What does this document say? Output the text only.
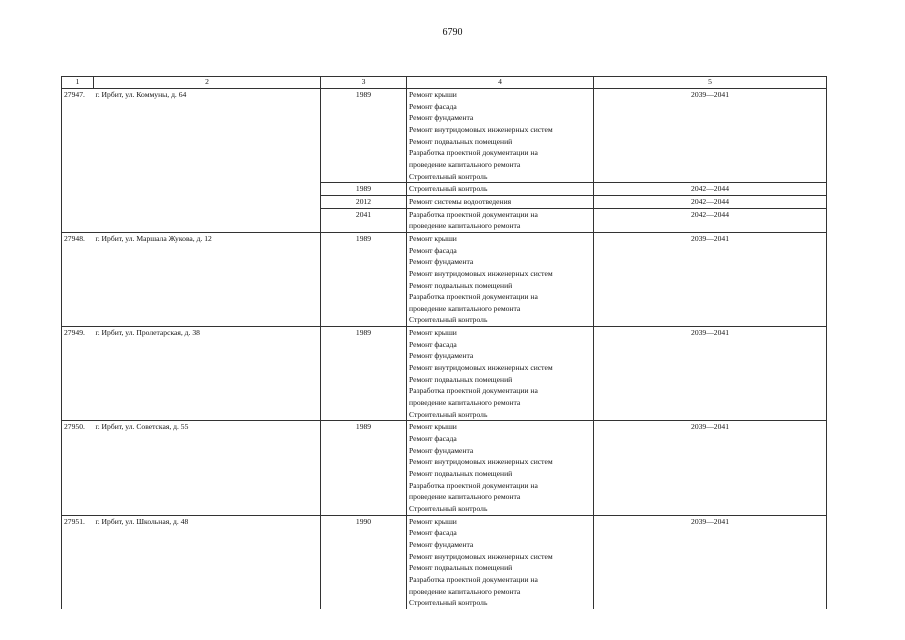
6790
1	2	3	4	5
27947.	г. Ирбит, ул. Коммуны, д. 64	1989	Ремонт крыши	2039—2041
			Ремонт фасада	
			Ремонт фундамента	
			Ремонт внутридомовых инженерных систем	
			Ремонт подвальных помещений	
			Разработка проектной документации на	
			проведение капитального ремонта	
			Строительный контроль	
		1989	Строительный контроль	2042—2044
		2012	Ремонт системы водоотведения	2042—2044
		2041	Разработка проектной документации на	2042—2044
			проведение капитального ремонта	
27948.	г. Ирбит, ул. Маршала Жукова, д. 12	1989	Ремонт крыши	2039—2041
			Ремонт фасада	
			Ремонт фундамента	
			Ремонт внутридомовых инженерных систем	
			Ремонт подвальных помещений	
			Разработка проектной документации на	
			проведение капитального ремонта	
			Строительный контроль	
27949.	г. Ирбит, ул. Пролетарская, д. 38	1989	Ремонт крыши	2039—2041
			Ремонт фасада	
			Ремонт фундамента	
			Ремонт внутридомовых инженерных систем	
			Ремонт подвальных помещений	
			Разработка проектной документации на	
			проведение капитального ремонта	
			Строительный контроль	
27950.	г. Ирбит, ул. Советская, д. 55	1989	Ремонт крыши	2039—2041
			Ремонт фасада	
			Ремонт фундамента	
			Ремонт внутридомовых инженерных систем	
			Ремонт подвальных помещений	
			Разработка проектной документации на	
			проведение капитального ремонта	
			Строительный контроль	
27951.	г. Ирбит, ул. Школьная, д. 48	1990	Ремонт крыши	2039—2041
			Ремонт фасада	
			Ремонт фундамента	
			Ремонт внутридомовых инженерных систем	
			Ремонт подвальных помещений	
			Разработка проектной документации на	
			проведение капитального ремонта	
			Строительный контроль	
